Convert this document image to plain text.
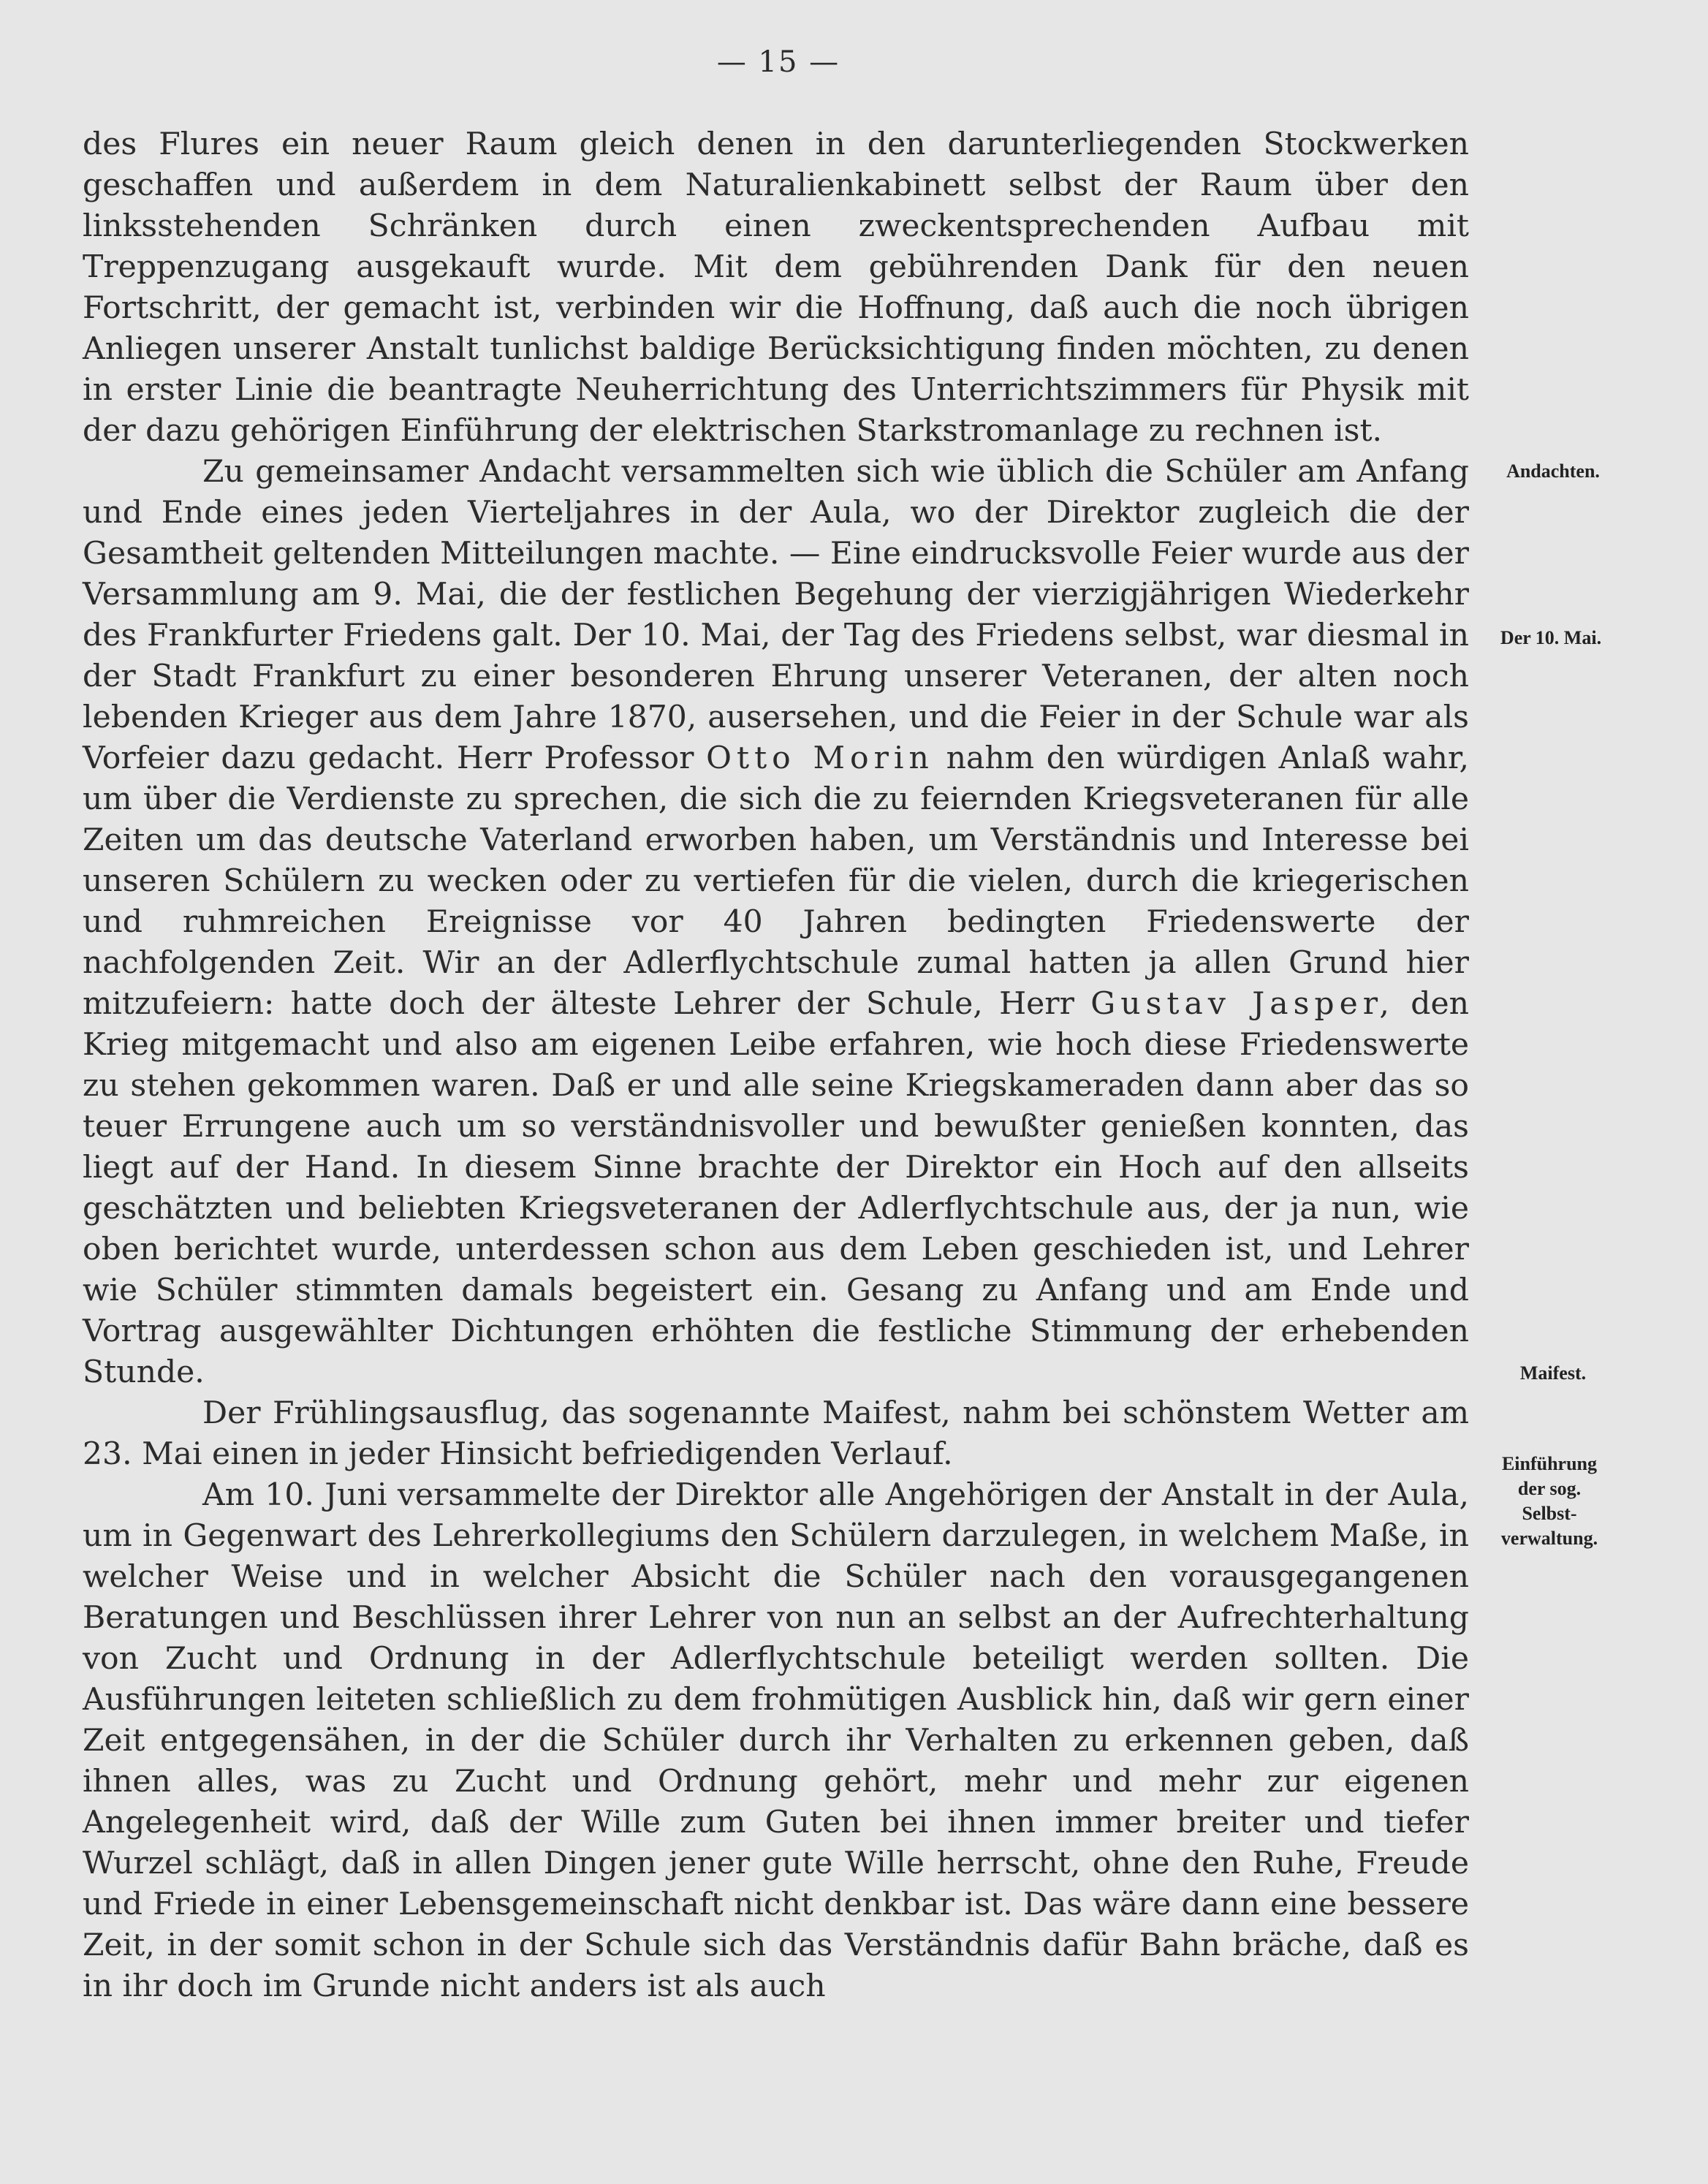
— 15 —

des Flures ein neuer Raum gleich denen in den darunterliegenden Stockwerken geschaffen und außerdem in dem Naturalienkabinett selbst der Raum über den linksstehenden Schränken durch einen zweckentsprechenden Aufbau mit Treppenzugang ausgekauft wurde. Mit dem gebührenden Dank für den neuen Fortschritt, der gemacht ist, verbinden wir die Hoffnung, daß auch die noch übrigen Anliegen unserer Anstalt tunlichst baldige Berücksichtigung finden möchten, zu denen in erster Linie die beantragte Neuherrichtung des Unterrichtszimmers für Physik mit der dazu gehörigen Einführung der elektrischen Starkstromanlage zu rechnen ist.

Zu gemeinsamer Andacht versammelten sich wie üblich die Schüler am Anfang und Ende eines jeden Vierteljahres in der Aula, wo der Direktor zugleich die der Gesamtheit geltenden Mitteilungen machte. — Eine eindrucksvolle Feier wurde aus der Versammlung am 9. Mai, die der festlichen Begehung der vierzigjährigen Wiederkehr des Frankfurter Friedens galt. Der 10. Mai, der Tag des Friedens selbst, war diesmal in der Stadt Frankfurt zu einer besonderen Ehrung unserer Veteranen, der alten noch lebenden Krieger aus dem Jahre 1870, ausersehen, und die Feier in der Schule war als Vorfeier dazu gedacht. Herr Professor Otto Morin nahm den würdigen Anlaß wahr, um über die Verdienste zu sprechen, die sich die zu feiernden Kriegsveteranen für alle Zeiten um das deutsche Vaterland erworben haben, um Verständnis und Interesse bei unseren Schülern zu wecken oder zu vertiefen für die vielen, durch die kriegerischen und ruhmreichen Ereignisse vor 40 Jahren bedingten Friedenswerte der nachfolgenden Zeit. Wir an der Adlerflychtschule zumal hatten ja allen Grund hier mitzufeiern: hatte doch der älteste Lehrer der Schule, Herr Gustav Jasper, den Krieg mitgemacht und also am eigenen Leibe erfahren, wie hoch diese Friedenswerte zu stehen gekommen waren. Daß er und alle seine Kriegskameraden dann aber das so teuer Errungene auch um so verständnisvoller und bewußter genießen konnten, das liegt auf der Hand. In diesem Sinne brachte der Direktor ein Hoch auf den allseits geschätzten und beliebten Kriegsveteranen der Adlerflychtschule aus, der ja nun, wie oben berichtet wurde, unterdessen schon aus dem Leben geschieden ist, und Lehrer wie Schüler stimmten damals begeistert ein. Gesang zu Anfang und am Ende und Vortrag ausgewählter Dichtungen erhöhten die festliche Stimmung der erhebenden Stunde.

Der Frühlingsausflug, das sogenannte Maifest, nahm bei schönstem Wetter am 23. Mai einen in jeder Hinsicht befriedigenden Verlauf.

Am 10. Juni versammelte der Direktor alle Angehörigen der Anstalt in der Aula, um in Gegenwart des Lehrerkollegiums den Schülern darzulegen, in welchem Maße, in welcher Weise und in welcher Absicht die Schüler nach den vorausgegangenen Beratungen und Beschlüssen ihrer Lehrer von nun an selbst an der Aufrechterhaltung von Zucht und Ordnung in der Adlerflychtschule beteiligt werden sollten. Die Ausführungen leiteten schließlich zu dem frohmütigen Ausblick hin, daß wir gern einer Zeit entgegensähen, in der die Schüler durch ihr Verhalten zu erkennen geben, daß ihnen alles, was zu Zucht und Ordnung gehört, mehr und mehr zur eigenen Angelegenheit wird, daß der Wille zum Guten bei ihnen immer breiter und tiefer Wurzel schlägt, daß in allen Dingen jener gute Wille herrscht, ohne den Ruhe, Freude und Friede in einer Lebensgemeinschaft nicht denkbar ist. Das wäre dann eine bessere Zeit, in der somit schon in der Schule sich das Verständnis dafür Bahn bräche, daß es in ihr doch im Grunde nicht anders ist als auch

Andachten.
Der 10. Mai.
Maifest.
Einführung
der sog.
Selbst-
verwaltung.
